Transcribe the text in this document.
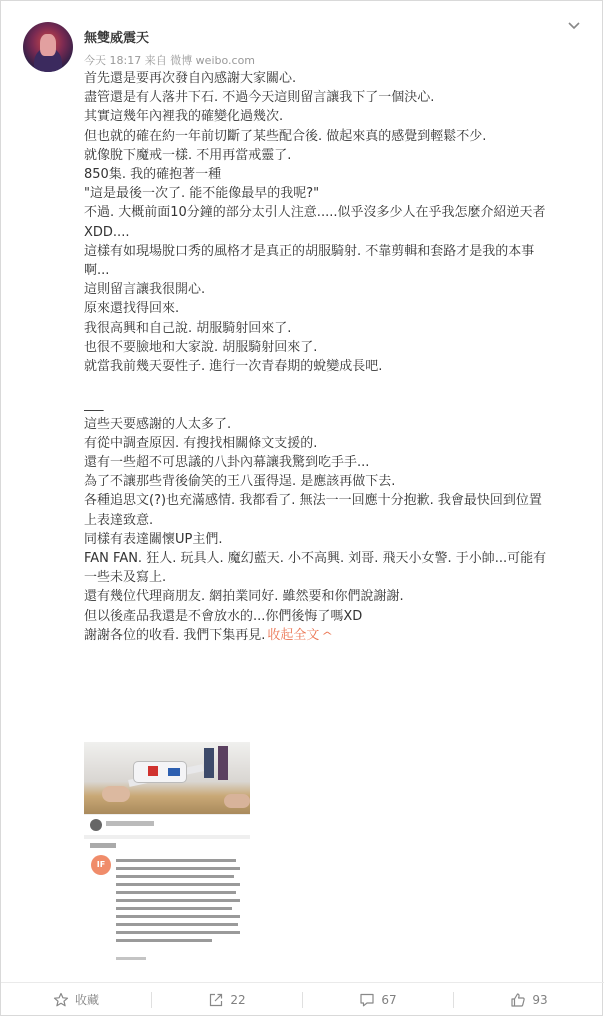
無雙威震天
今天 18:17 来自 微博 weibo.com
首先還是要再次發自內感謝大家關心.
盡管還是有人落井下石. 不過今天這則留言讓我下了一個決心.
其實這幾年內裡我的確變化過幾次.
但也就的確在約一年前切斷了某些配合後. 做起來真的感覺到輕鬆不少.
就像脫下魔戒一樣. 不用再當戒靈了.
850集. 我的確抱著一種
"這是最後一次了. 能不能像最早的我呢?"
不過. 大概前面10分鐘的部分太引人注意.....似乎沒多少人在乎我怎麼介紹逆天者
XDD....
這樣有如現場脫口秀的風格才是真正的胡服騎射. 不靠剪輯和套路才是我的本事
啊...
這則留言讓我很開心.
原來還找得回來.
我很高興和自己說. 胡服騎射回來了.
也很不要臉地和大家說. 胡服騎射回來了.
就當我前幾天耍性子. 進行一次青春期的蛻變成長吧.
___
這些天要感謝的人太多了.
有從中調查原因. 有搜找相關條文支援的.
還有一些超不可思議的八卦內幕讓我驚到吃手手...
為了不讓那些背後偷笑的王八蛋得逞. 是應該再做下去.
各種追思文(?)也充滿感情. 我都看了. 無法一一回應十分抱歉. 我會最快回到位置
上表達致意.
同樣有表達關懷UP主們.
FAN FAN. 狂人. 玩具人. 魔幻藍天. 小不高興. 刘哥. 飛天小女警. 于小帥...可能有
一些未及寫上.
還有幾位代理商朋友. 網拍業同好. 雖然要和你們說謝謝.
但以後產品我還是不會放水的...你們後悔了嗎XD
謝謝各位的收看. 我們下集再見. 收起全文 ^
IF
收藏	22	67	93
